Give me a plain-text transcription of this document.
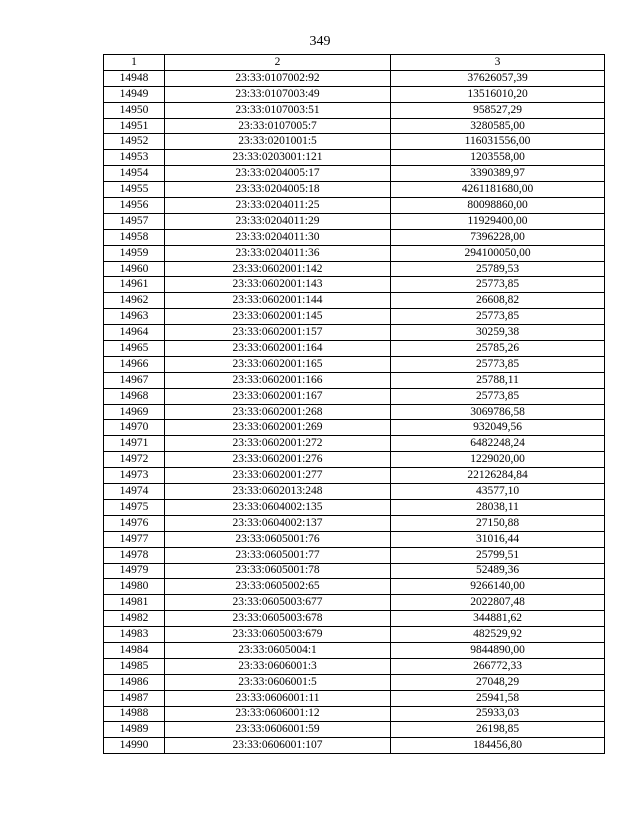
349
1	2	3
14948	23:33:0107002:92	37626057,39
14949	23:33:0107003:49	13516010,20
14950	23:33:0107003:51	958527,29
14951	23:33:0107005:7	3280585,00
14952	23:33:0201001:5	116031556,00
14953	23:33:0203001:121	1203558,00
14954	23:33:0204005:17	3390389,97
14955	23:33:0204005:18	4261181680,00
14956	23:33:0204011:25	80098860,00
14957	23:33:0204011:29	11929400,00
14958	23:33:0204011:30	7396228,00
14959	23:33:0204011:36	294100050,00
14960	23:33:0602001:142	25789,53
14961	23:33:0602001:143	25773,85
14962	23:33:0602001:144	26608,82
14963	23:33:0602001:145	25773,85
14964	23:33:0602001:157	30259,38
14965	23:33:0602001:164	25785,26
14966	23:33:0602001:165	25773,85
14967	23:33:0602001:166	25788,11
14968	23:33:0602001:167	25773,85
14969	23:33:0602001:268	3069786,58
14970	23:33:0602001:269	932049,56
14971	23:33:0602001:272	6482248,24
14972	23:33:0602001:276	1229020,00
14973	23:33:0602001:277	22126284,84
14974	23:33:0602013:248	43577,10
14975	23:33:0604002:135	28038,11
14976	23:33:0604002:137	27150,88
14977	23:33:0605001:76	31016,44
14978	23:33:0605001:77	25799,51
14979	23:33:0605001:78	52489,36
14980	23:33:0605002:65	9266140,00
14981	23:33:0605003:677	2022807,48
14982	23:33:0605003:678	344881,62
14983	23:33:0605003:679	482529,92
14984	23:33:0605004:1	9844890,00
14985	23:33:0606001:3	266772,33
14986	23:33:0606001:5	27048,29
14987	23:33:0606001:11	25941,58
14988	23:33:0606001:12	25933,03
14989	23:33:0606001:59	26198,85
14990	23:33:0606001:107	184456,80
